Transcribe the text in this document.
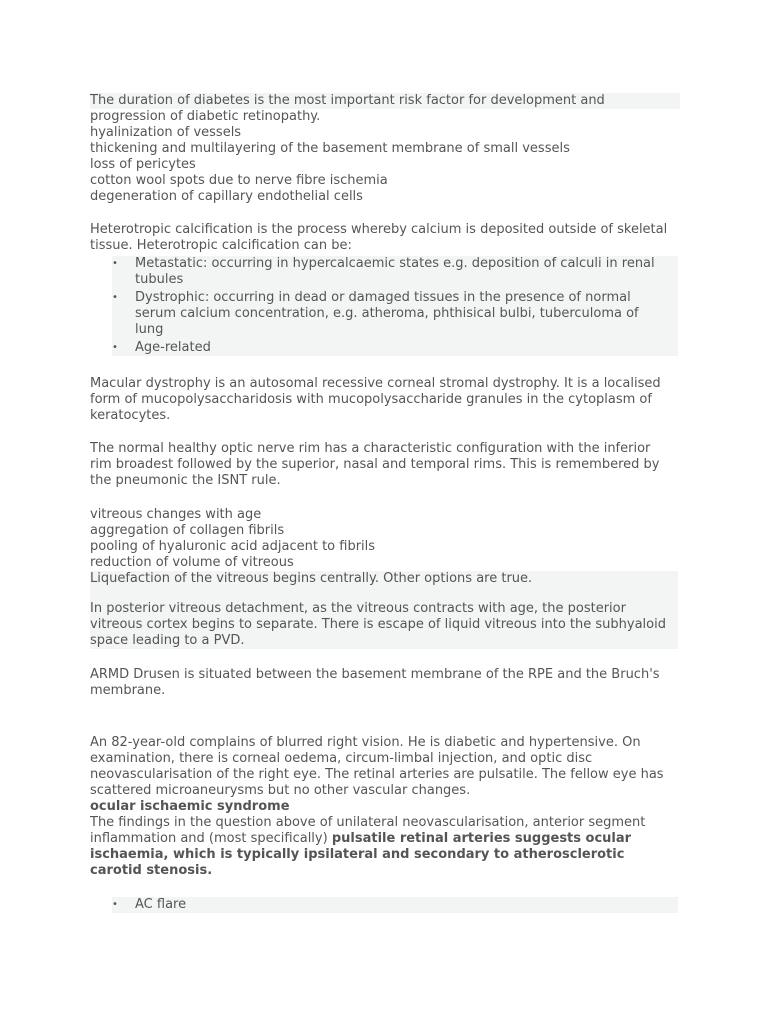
The duration of diabetes is the most important risk factor for development and
progression of diabetic retinopathy.
hyalinization of vessels
thickening and multilayering of the basement membrane of small vessels
loss of pericytes
cotton wool spots due to nerve fibre ischemia
degeneration of capillary endothelial cells
Heterotropic calcification is the process whereby calcium is deposited outside of skeletal
tissue. Heterotropic calcification can be:
• Metastatic: occurring in hypercalcaemic states e.g. deposition of calculi in renal
tubules
• Dystrophic: occurring in dead or damaged tissues in the presence of normal
serum calcium concentration, e.g. atheroma, phthisical bulbi, tuberculoma of
lung
• Age-related
Macular dystrophy is an autosomal recessive corneal stromal dystrophy. It is a localised
form of mucopolysaccharidosis with mucopolysaccharide granules in the cytoplasm of
keratocytes.
The normal healthy optic nerve rim has a characteristic configuration with the inferior
rim broadest followed by the superior, nasal and temporal rims. This is remembered by
the pneumonic the ISNT rule.
vitreous changes with age
aggregation of collagen fibrils
pooling of hyaluronic acid adjacent to fibrils
reduction of volume of vitreous
Liquefaction of the vitreous begins centrally. Other options are true.
In posterior vitreous detachment, as the vitreous contracts with age, the posterior
vitreous cortex begins to separate. There is escape of liquid vitreous into the subhyaloid
space leading to a PVD.
ARMD Drusen is situated between the basement membrane of the RPE and the Bruch's
membrane.
An 82-year-old complains of blurred right vision. He is diabetic and hypertensive. On
examination, there is corneal oedema, circum-limbal injection, and optic disc
neovascularisation of the right eye. The retinal arteries are pulsatile. The fellow eye has
scattered microaneurysms but no other vascular changes.
ocular ischaemic syndrome
The findings in the question above of unilateral neovascularisation, anterior segment
inflammation and (most specifically) pulsatile retinal arteries suggests ocular
ischaemia, which is typically ipsilateral and secondary to atherosclerotic
carotid stenosis.
• AC flare
